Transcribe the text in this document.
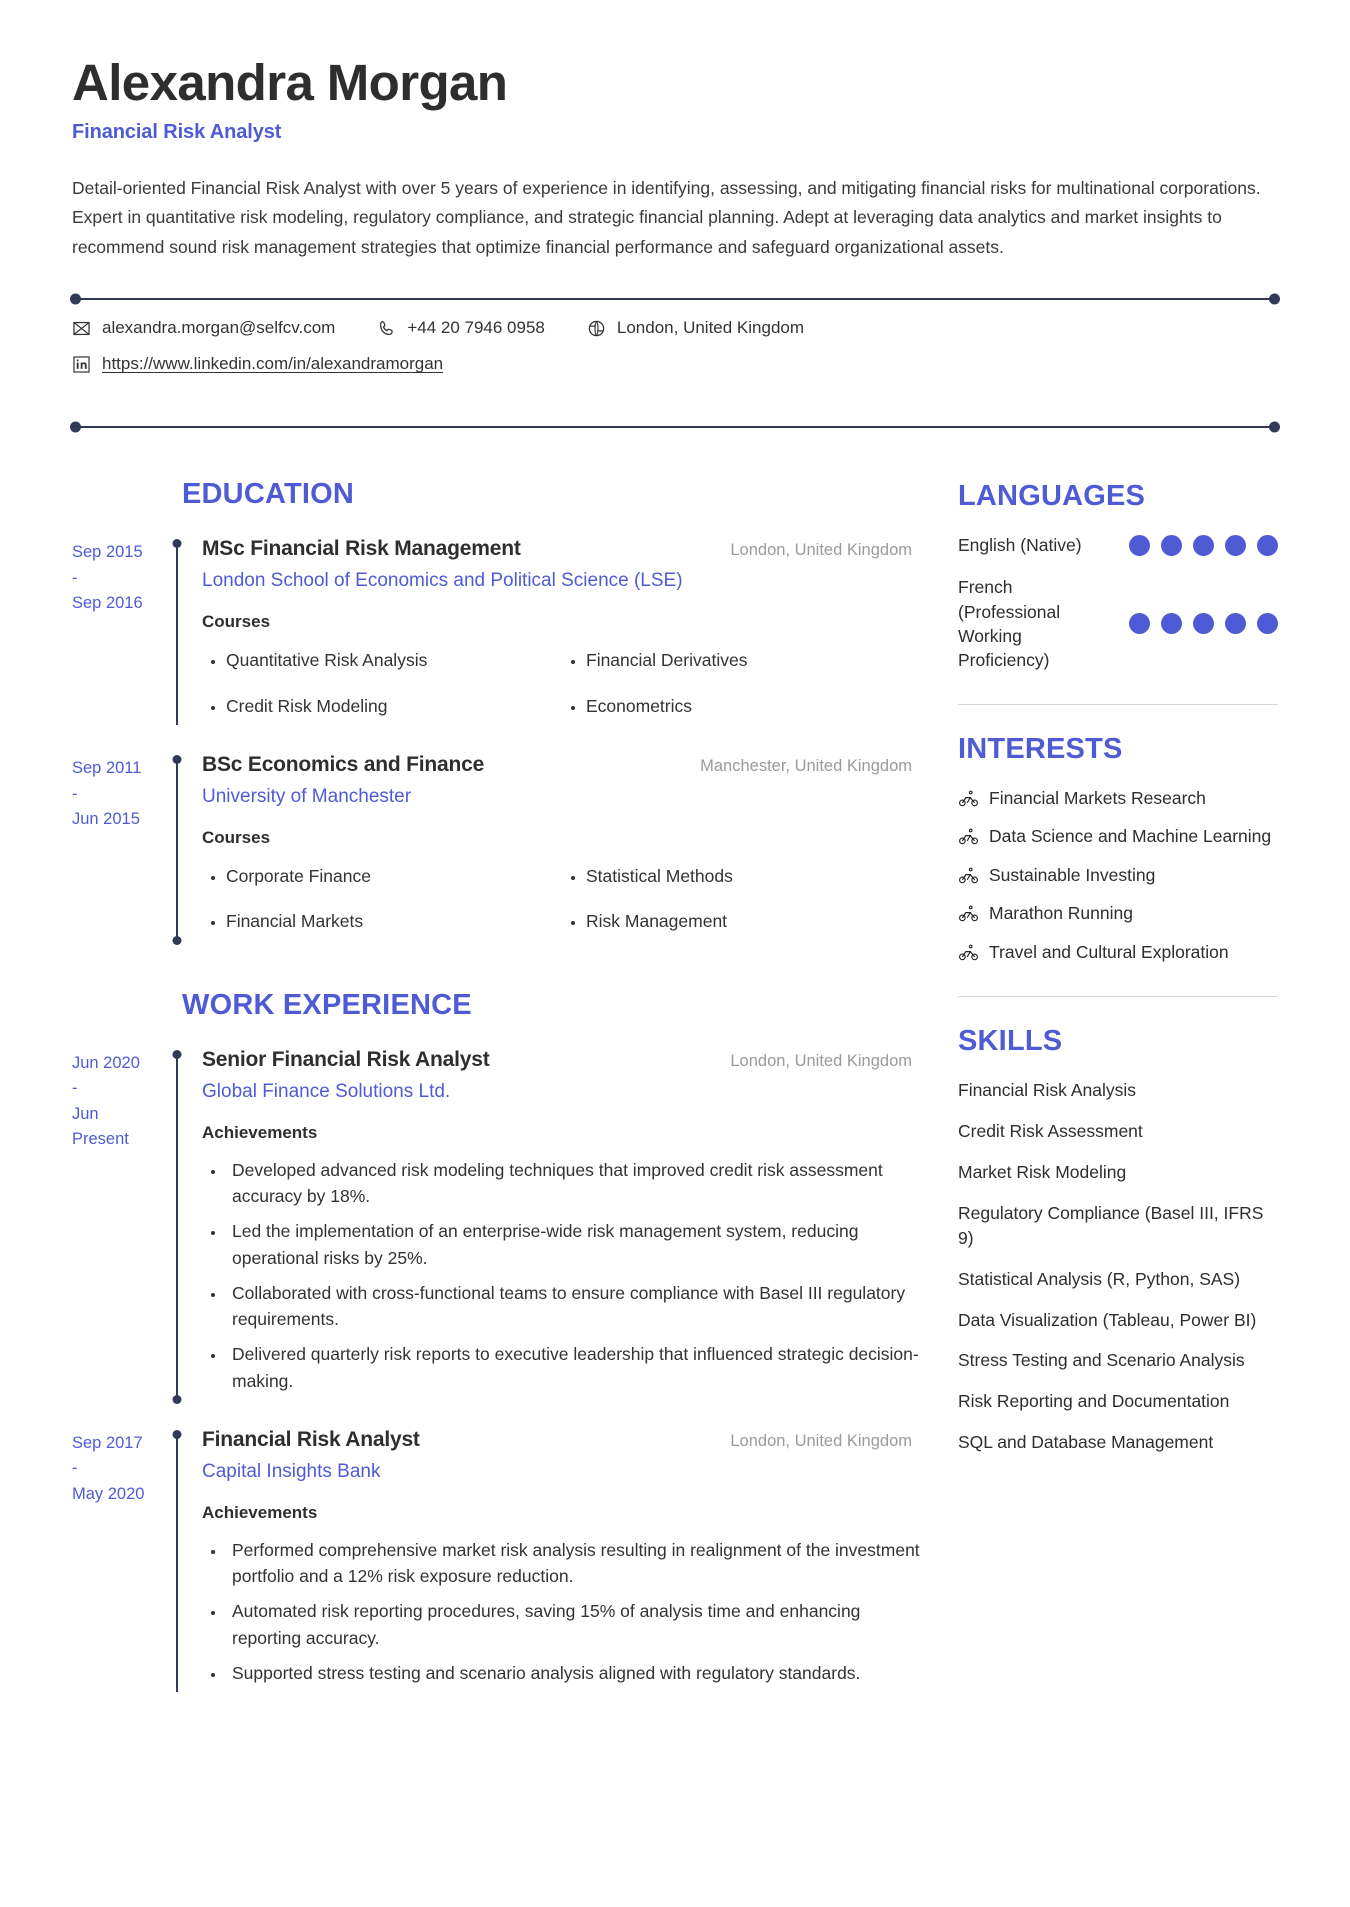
Alexandra Morgan
Financial Risk Analyst

Detail-oriented Financial Risk Analyst with over 5 years of experience in identifying, assessing, and mitigating financial risks for multinational corporations. Expert in quantitative risk modeling, regulatory compliance, and strategic financial planning. Adept at leveraging data analytics and market insights to recommend sound risk management strategies that optimize financial performance and safeguard organizational assets.

alexandra.morgan@selfcv.com	+44 20 7946 0958	London, United Kingdom
https://www.linkedin.com/in/alexandramorgan
EDUCATION
Sep 2015
-
Sep 2016
MSc Financial Risk Management	London, United Kingdom
London School of Economics and Political Science (LSE)
Courses
• Quantitative Risk Analysis	• Financial Derivatives
• Credit Risk Modeling	• Econometrics
Sep 2011
-
Jun 2015
BSc Economics and Finance	Manchester, United Kingdom
University of Manchester
Courses
• Corporate Finance	• Statistical Methods
• Financial Markets	• Risk Management
WORK EXPERIENCE
Jun 2020
-
Jun
Present
Senior Financial Risk Analyst	London, United Kingdom
Global Finance Solutions Ltd.
Achievements
• Developed advanced risk modeling techniques that improved credit risk assessment accuracy by 18%.
• Led the implementation of an enterprise-wide risk management system, reducing operational risks by 25%.
• Collaborated with cross-functional teams to ensure compliance with Basel III regulatory requirements.
• Delivered quarterly risk reports to executive leadership that influenced strategic decision-making.
Sep 2017
-
May 2020
Financial Risk Analyst	London, United Kingdom
Capital Insights Bank
Achievements
• Performed comprehensive market risk analysis resulting in realignment of the investment portfolio and a 12% risk exposure reduction.
• Automated risk reporting procedures, saving 15% of analysis time and enhancing reporting accuracy.
• Supported stress testing and scenario analysis aligned with regulatory standards.
LANGUAGES
English (Native)
French (Professional Working Proficiency)
INTERESTS
Financial Markets Research
Data Science and Machine Learning
Sustainable Investing
Marathon Running
Travel and Cultural Exploration
SKILLS
Financial Risk Analysis
Credit Risk Assessment
Market Risk Modeling
Regulatory Compliance (Basel III, IFRS 9)
Statistical Analysis (R, Python, SAS)
Data Visualization (Tableau, Power BI)
Stress Testing and Scenario Analysis
Risk Reporting and Documentation
SQL and Database Management
